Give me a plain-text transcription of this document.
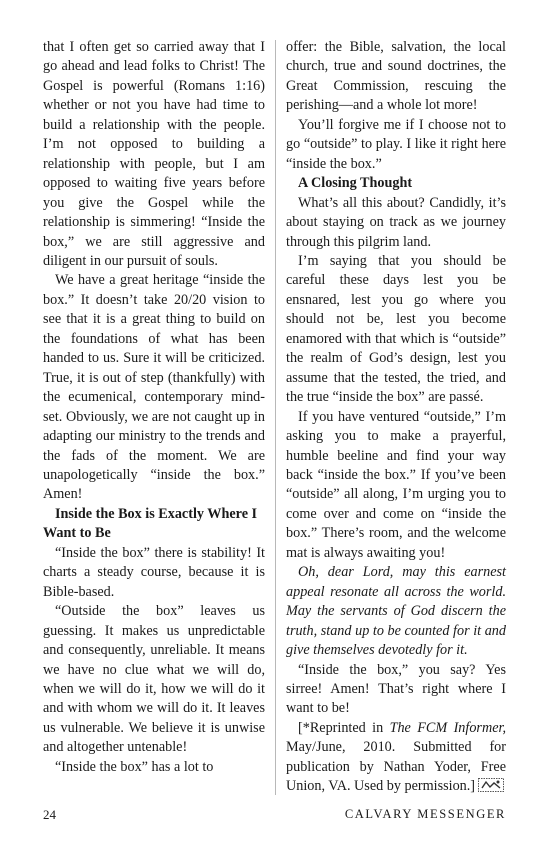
that I often get so carried away that I go ahead and lead folks to Christ! The Gospel is powerful (Romans 1:16) whether or not you have had time to build a relationship with the people. I’m not opposed to building a relationship with people, but I am opposed to waiting five years before you give the Gospel while the relationship is simmering! “Inside the box,” we are still aggressive and diligent in our pursuit of souls.

We have a great heritage “inside the box.” It doesn’t take 20/20 vision to see that it is a great thing to build on the foundations of what has been handed to us. Sure it will be criticized. True, it is out of step (thankfully) with the ecumenical, contemporary mind-set. Obviously, we are not caught up in adapting our ministry to the trends and the fads of the moment. We are unapologetically “inside the box.” Amen!

Inside the Box is Exactly Where I Want to Be

“Inside the box” there is stability! It charts a steady course, because it is Bible-based.

“Outside the box” leaves us guessing. It makes us unpredictable and consequently, unreliable. It means we have no clue what we will do, when we will do it, how we will do it and with whom we will do it. It leaves us vulnerable. We believe it is unwise and altogether untenable!

“Inside the box” has a lot to

offer: the Bible, salvation, the local church, true and sound doctrines, the Great Commission, rescuing the perishing—and a whole lot more!

You’ll forgive me if I choose not to go “outside” to play. I like it right here “inside the box.”

A Closing Thought

What’s all this about? Candidly, it’s about staying on track as we journey through this pilgrim land.

I’m saying that you should be careful these days lest you be ensnared, lest you go where you should not be, lest you become enamored with that which is “outside” the realm of God’s design, lest you assume that the tested, the tried, and the true “inside the box” are passé.

If you have ventured “outside,” I’m asking you to make a prayerful, humble beeline and find your way back “inside the box.” If you’ve been “outside” all along, I’m urging you to come over and come on “inside the box.” There’s room, and the welcome mat is always awaiting you!

Oh, dear Lord, may this earnest appeal resonate all across the world. May the servants of God discern the truth, stand up to be counted for it and give themselves devotedly for it.

“Inside the box,” you say? Yes sirree! Amen! That’s right where I want to be!

[*Reprinted in The FCM Informer, May/June, 2010. Submitted for publication by Nathan Yoder, Free Union, VA. Used by permission.]

24	CALVARY MESSENGER
